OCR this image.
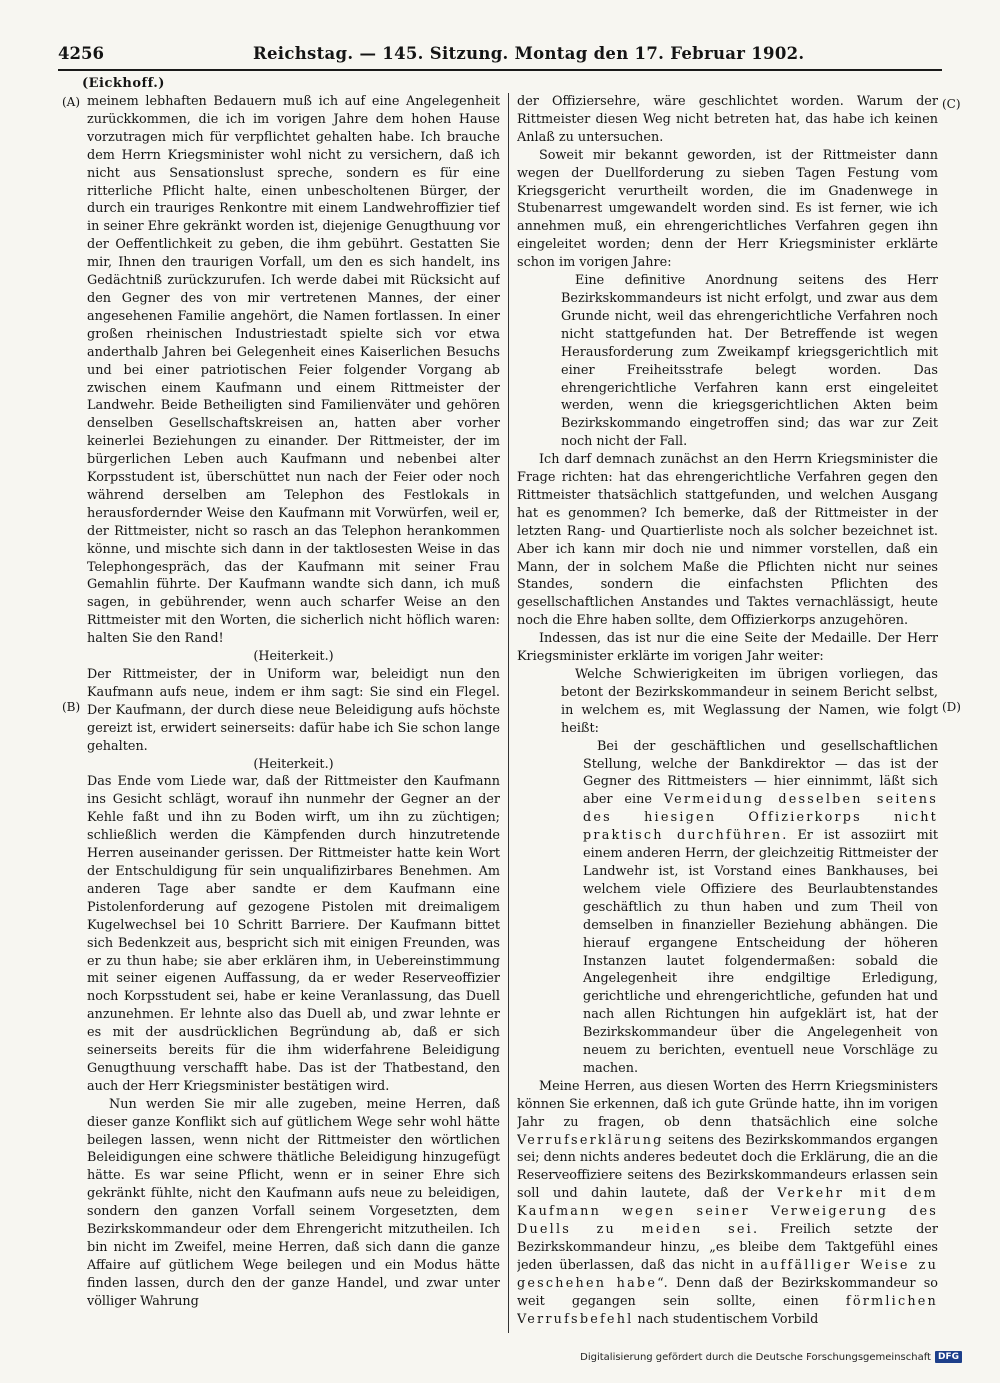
4256	Reichstag. — 145. Sitzung. Montag den 17. Februar 1902.
(Eickhoff.)
(A)
(B)
(C)
(D)

meinem lebhaften Bedauern muß ich auf eine Angelegenheit zurückkommen, die ich im vorigen Jahre dem hohen Hause vorzutragen mich für verpflichtet gehalten habe. Ich brauche dem Herrn Kriegsminister wohl nicht zu versichern, daß ich nicht aus Sensationslust spreche, sondern es für eine ritterliche Pflicht halte, einen unbescholtenen Bürger, der durch ein trauriges Renkontre mit einem Landwehroffizier tief in seiner Ehre gekränkt worden ist, diejenige Genugthuung vor der Oeffentlichkeit zu geben, die ihm gebührt. Gestatten Sie mir, Ihnen den traurigen Vorfall, um den es sich handelt, ins Gedächtniß zurückzurufen. Ich werde dabei mit Rücksicht auf den Gegner des von mir vertretenen Mannes, der einer angesehenen Familie angehört, die Namen fortlassen. In einer großen rheinischen Industriestadt spielte sich vor etwa anderthalb Jahren bei Gelegenheit eines Kaiserlichen Besuchs und bei einer patriotischen Feier folgender Vorgang ab zwischen einem Kaufmann und einem Rittmeister der Landwehr. Beide Betheiligten sind Familienväter und gehören denselben Gesellschaftskreisen an, hatten aber vorher keinerlei Beziehungen zu einander. Der Rittmeister, der im bürgerlichen Leben auch Kaufmann und nebenbei alter Korpsstudent ist, überschüttet nun nach der Feier oder noch während derselben am Telephon des Festlokals in herausfordernder Weise den Kaufmann mit Vorwürfen, weil er, der Rittmeister, nicht so rasch an das Telephon herankommen könne, und mischte sich dann in der taktlosesten Weise in das Telephongespräch, das der Kaufmann mit seiner Frau Gemahlin führte. Der Kaufmann wandte sich dann, ich muß sagen, in gebührender, wenn auch scharfer Weise an den Rittmeister mit den Worten, die sicherlich nicht höflich waren: halten Sie den Rand!

(Heiterkeit.)

Der Rittmeister, der in Uniform war, beleidigt nun den Kaufmann aufs neue, indem er ihm sagt: Sie sind ein Flegel. Der Kaufmann, der durch diese neue Beleidigung aufs höchste gereizt ist, erwidert seinerseits: dafür habe ich Sie schon lange gehalten.

(Heiterkeit.)

Das Ende vom Liede war, daß der Rittmeister den Kaufmann ins Gesicht schlägt, worauf ihn nunmehr der Gegner an der Kehle faßt und ihn zu Boden wirft, um ihn zu züchtigen; schließlich werden die Kämpfenden durch hinzutretende Herren auseinander gerissen. Der Rittmeister hatte kein Wort der Entschuldigung für sein unqualifizirbares Benehmen. Am anderen Tage aber sandte er dem Kaufmann eine Pistolenforderung auf gezogene Pistolen mit dreimaligem Kugelwechsel bei 10 Schritt Barriere. Der Kaufmann bittet sich Bedenkzeit aus, bespricht sich mit einigen Freunden, was er zu thun habe; sie aber erklären ihm, in Uebereinstimmung mit seiner eigenen Auffassung, da er weder Reserveoffizier noch Korpsstudent sei, habe er keine Veranlassung, das Duell anzunehmen. Er lehnte also das Duell ab, und zwar lehnte er es mit der ausdrücklichen Begründung ab, daß er sich seinerseits bereits für die ihm widerfahrene Beleidigung Genugthuung verschafft habe. Das ist der Thatbestand, den auch der Herr Kriegsminister bestätigen wird.

Nun werden Sie mir alle zugeben, meine Herren, daß dieser ganze Konflikt sich auf gütlichem Wege sehr wohl hätte beilegen lassen, wenn nicht der Rittmeister den wörtlichen Beleidigungen eine schwere thätliche Beleidigung hinzugefügt hätte. Es war seine Pflicht, wenn er in seiner Ehre sich gekränkt fühlte, nicht den Kaufmann aufs neue zu beleidigen, sondern den ganzen Vorfall seinem Vorgesetzten, dem Bezirkskommandeur oder dem Ehrengericht mitzutheilen. Ich bin nicht im Zweifel, meine Herren, daß sich dann die ganze Affaire auf gütlichem Wege beilegen und ein Modus hätte finden lassen, durch den der ganze Handel, und zwar unter völliger Wahrung

der Offiziersehre, wäre geschlichtet worden. Warum der Rittmeister diesen Weg nicht betreten hat, das habe ich keinen Anlaß zu untersuchen.

Soweit mir bekannt geworden, ist der Rittmeister dann wegen der Duellforderung zu sieben Tagen Festung vom Kriegsgericht verurtheilt worden, die im Gnadenwege in Stubenarrest umgewandelt worden sind. Es ist ferner, wie ich annehmen muß, ein ehrengerichtliches Verfahren gegen ihn eingeleitet worden; denn der Herr Kriegsminister erklärte schon im vorigen Jahre:

Eine definitive Anordnung seitens des Herr Bezirkskommandeurs ist nicht erfolgt, und zwar aus dem Grunde nicht, weil das ehrengerichtliche Verfahren noch nicht stattgefunden hat. Der Betreffende ist wegen Herausforderung zum Zweikampf kriegsgerichtlich mit einer Freiheitsstrafe belegt worden. Das ehrengerichtliche Verfahren kann erst eingeleitet werden, wenn die kriegsgerichtlichen Akten beim Bezirkskommando eingetroffen sind; das war zur Zeit noch nicht der Fall.

Ich darf demnach zunächst an den Herrn Kriegsminister die Frage richten: hat das ehrengerichtliche Verfahren gegen den Rittmeister thatsächlich stattgefunden, und welchen Ausgang hat es genommen? Ich bemerke, daß der Rittmeister in der letzten Rang- und Quartierliste noch als solcher bezeichnet ist. Aber ich kann mir doch nie und nimmer vorstellen, daß ein Mann, der in solchem Maße die Pflichten nicht nur seines Standes, sondern die einfachsten Pflichten des gesellschaftlichen Anstandes und Taktes vernachlässigt, heute noch die Ehre haben sollte, dem Offizierkorps anzugehören.

Indessen, das ist nur die eine Seite der Medaille. Der Herr Kriegsminister erklärte im vorigen Jahr weiter:

Welche Schwierigkeiten im übrigen vorliegen, das betont der Bezirkskommandeur in seinem Bericht selbst, in welchem es, mit Weglassung der Namen, wie folgt heißt:

Bei der geschäftlichen und gesellschaftlichen Stellung, welche der Bankdirektor — das ist der Gegner des Rittmeisters — hier einnimmt, läßt sich aber eine Vermeidung desselben seitens des hiesigen Offizierkorps nicht praktisch durchführen. Er ist assoziirt mit einem anderen Herrn, der gleichzeitig Rittmeister der Landwehr ist, ist Vorstand eines Bankhauses, bei welchem viele Offiziere des Beurlaubtenstandes geschäftlich zu thun haben und zum Theil von demselben in finanzieller Beziehung abhängen. Die hierauf ergangene Entscheidung der höheren Instanzen lautet folgendermaßen: sobald die Angelegenheit ihre endgiltige Erledigung, gerichtliche und ehrengerichtliche, gefunden hat und nach allen Richtungen hin aufgeklärt ist, hat der Bezirkskommandeur über die Angelegenheit von neuem zu berichten, eventuell neue Vorschläge zu machen.

Meine Herren, aus diesen Worten des Herrn Kriegsministers können Sie erkennen, daß ich gute Gründe hatte, ihn im vorigen Jahr zu fragen, ob denn thatsächlich eine solche Verrufserklärung seitens des Bezirkskommandos ergangen sei; denn nichts anderes bedeutet doch die Erklärung, die an die Reserveoffiziere seitens des Bezirkskommandeurs erlassen sein soll und dahin lautete, daß der Verkehr mit dem Kaufmann wegen seiner Verweigerung des Duells zu meiden sei. Freilich setzte der Bezirkskommandeur hinzu, „es bleibe dem Taktgefühl eines jeden überlassen, daß das nicht in auffälliger Weise zu geschehen habe“. Denn daß der Bezirkskommandeur so weit gegangen sein sollte, einen förmlichen Verrufsbefehl nach studentischem Vorbild

Digitalisierung gefördert durch die Deutsche Forschungsgemeinschaft DFG
